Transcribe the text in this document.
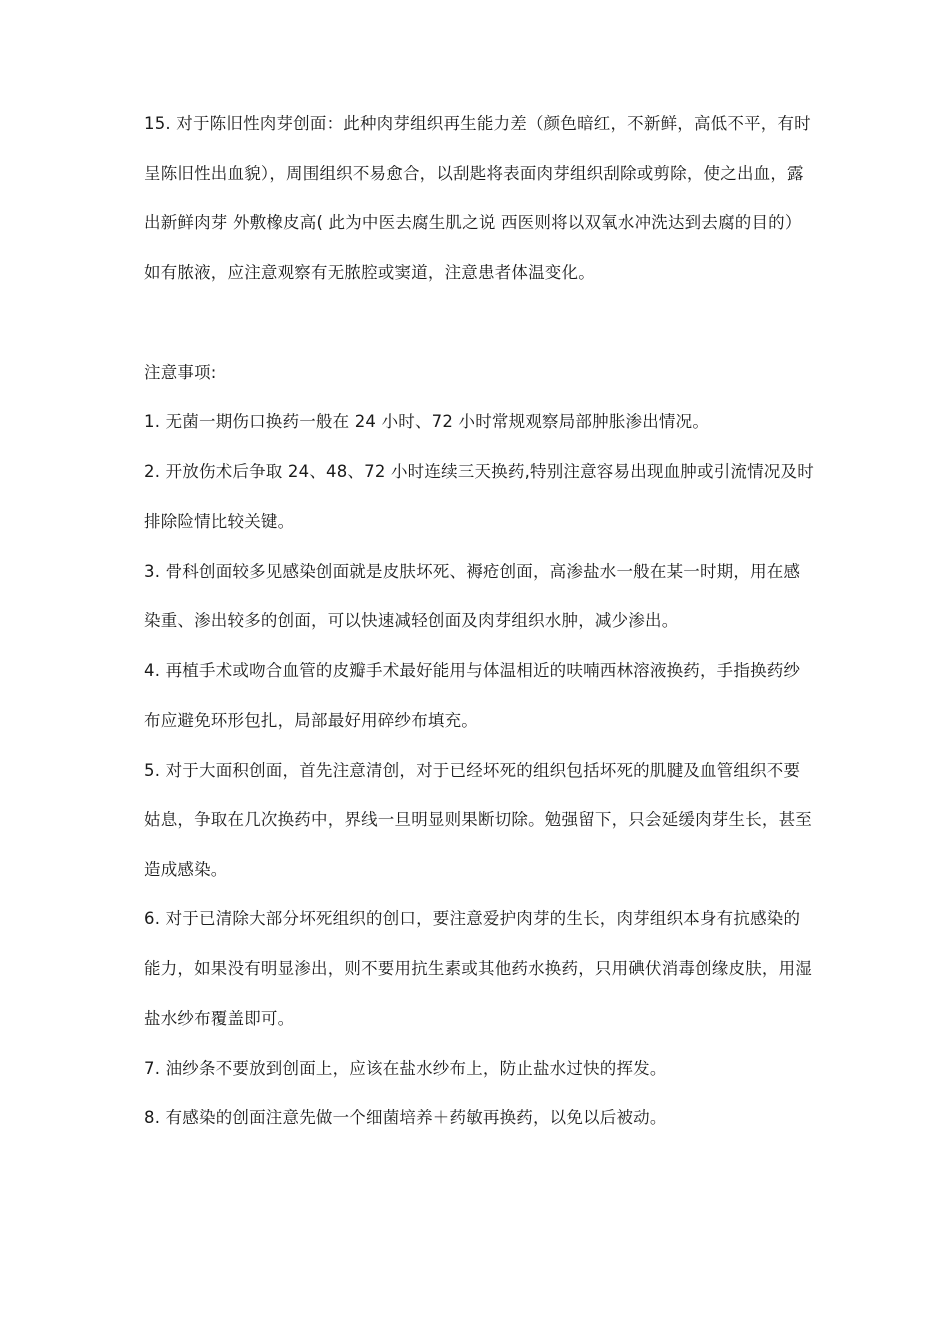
15. 对于陈旧性肉芽创面：此种肉芽组织再生能力差（颜色暗红，不新鲜，高低不平，有时
呈陈旧性出血貌），周围组织不易愈合，以刮匙将表面肉芽组织刮除或剪除，使之出血，露
出新鲜肉芽 外敷橡皮高( 此为中医去腐生肌之说 西医则将以双氧水冲洗达到去腐的目的）
如有脓液，应注意观察有无脓腔或窦道，注意患者体温变化。
注意事项:
1. 无菌一期伤口换药一般在 24 小时、72 小时常规观察局部肿胀渗出情况。
2. 开放伤术后争取 24、48、72 小时连续三天换药,特别注意容易出现血肿或引流情况及时
排除险情比较关键。
3. 骨科创面较多见感染创面就是皮肤坏死、褥疮创面，高渗盐水一般在某一时期，用在感
染重、渗出较多的创面，可以快速减轻创面及肉芽组织水肿，减少渗出。
4. 再植手术或吻合血管的皮瓣手术最好能用与体温相近的呋喃西林溶液换药，手指换药纱
布应避免环形包扎，局部最好用碎纱布填充。
5. 对于大面积创面，首先注意清创，对于已经坏死的组织包括坏死的肌腱及血管组织不要
姑息，争取在几次换药中，界线一旦明显则果断切除。勉强留下，只会延缓肉芽生长，甚至
造成感染。
6. 对于已清除大部分坏死组织的创口，要注意爱护肉芽的生长，肉芽组织本身有抗感染的
能力，如果没有明显渗出，则不要用抗生素或其他药水换药，只用碘伏消毒创缘皮肤，用湿
盐水纱布覆盖即可。
7. 油纱条不要放到创面上，应该在盐水纱布上，防止盐水过快的挥发。
8. 有感染的创面注意先做一个细菌培养＋药敏再换药，以免以后被动。
